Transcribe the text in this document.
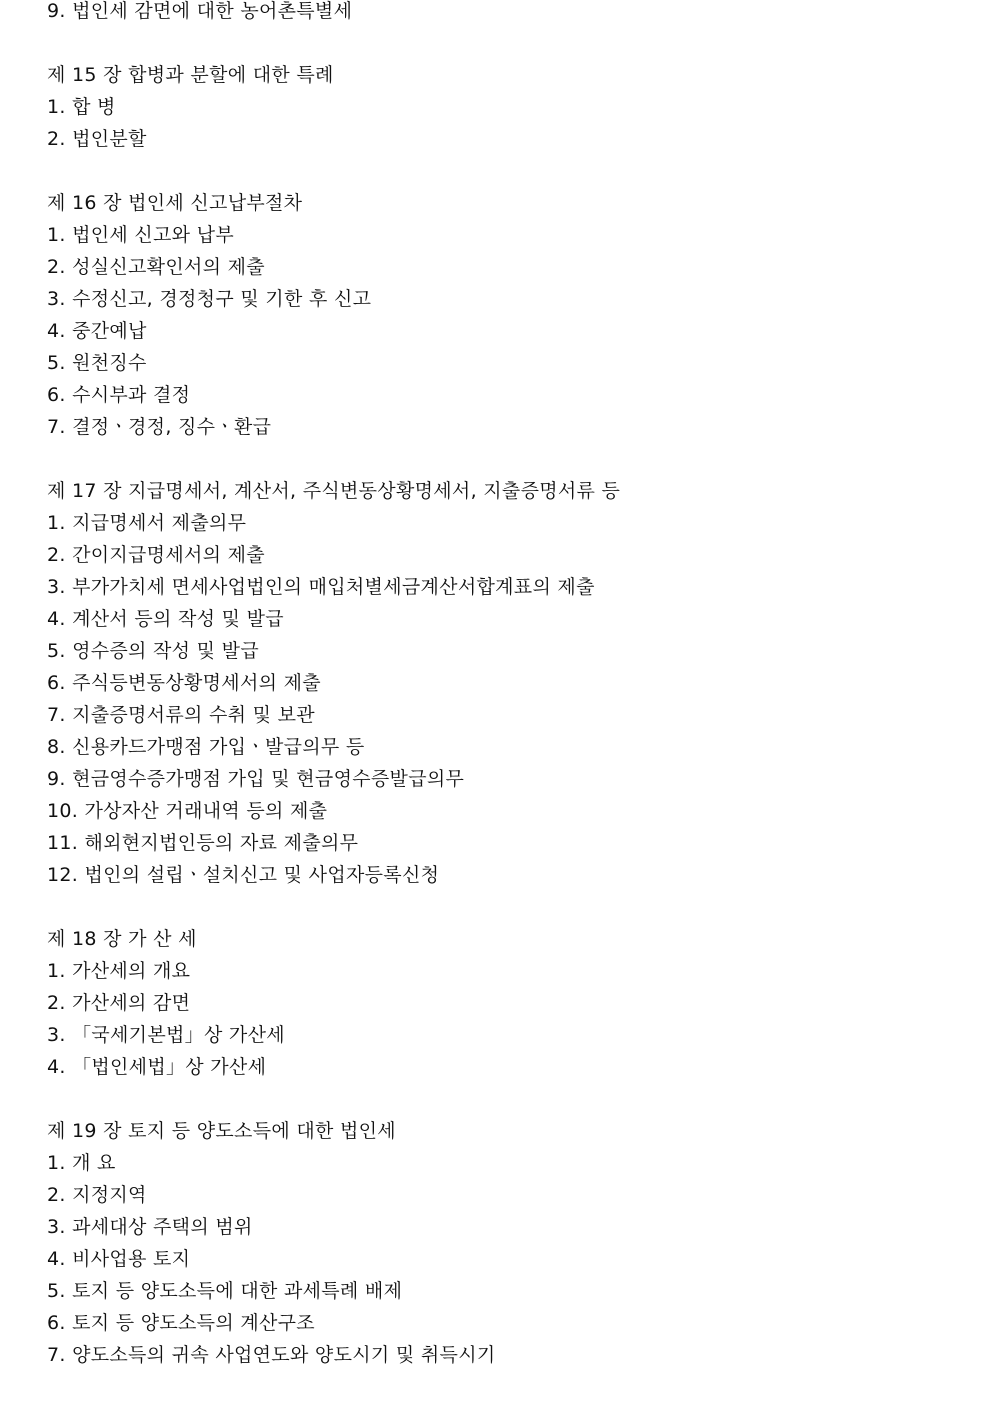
9. 법인세 감면에 대한 농어촌특별세
제 15 장 합병과 분할에 대한 특례
1. 합 병
2. 법인분할
제 16 장 법인세 신고납부절차
1. 법인세 신고와 납부
2. 성실신고확인서의 제출
3. 수정신고, 경정청구 및 기한 후 신고
4. 중간예납
5. 원천징수
6. 수시부과 결정
7. 결정ㆍ경정, 징수ㆍ환급
제 17 장 지급명세서, 계산서, 주식변동상황명세서, 지출증명서류 등
1. 지급명세서 제출의무
2. 간이지급명세서의 제출
3. 부가가치세 면세사업법인의 매입처별세금계산서합계표의 제출
4. 계산서 등의 작성 및 발급
5. 영수증의 작성 및 발급
6. 주식등변동상황명세서의 제출
7. 지출증명서류의 수취 및 보관
8. 신용카드가맹점 가입ㆍ발급의무 등
9. 현금영수증가맹점 가입 및 현금영수증발급의무
10. 가상자산 거래내역 등의 제출
11. 해외현지법인등의 자료 제출의무
12. 법인의 설립ㆍ설치신고 및 사업자등록신청
제 18 장 가 산 세
1. 가산세의 개요
2. 가산세의 감면
3. 「국세기본법」상 가산세
4. 「법인세법」상 가산세
제 19 장 토지 등 양도소득에 대한 법인세
1. 개 요
2. 지정지역
3. 과세대상 주택의 범위
4. 비사업용 토지
5. 토지 등 양도소득에 대한 과세특례 배제
6. 토지 등 양도소득의 계산구조
7. 양도소득의 귀속 사업연도와 양도시기 및 취득시기
